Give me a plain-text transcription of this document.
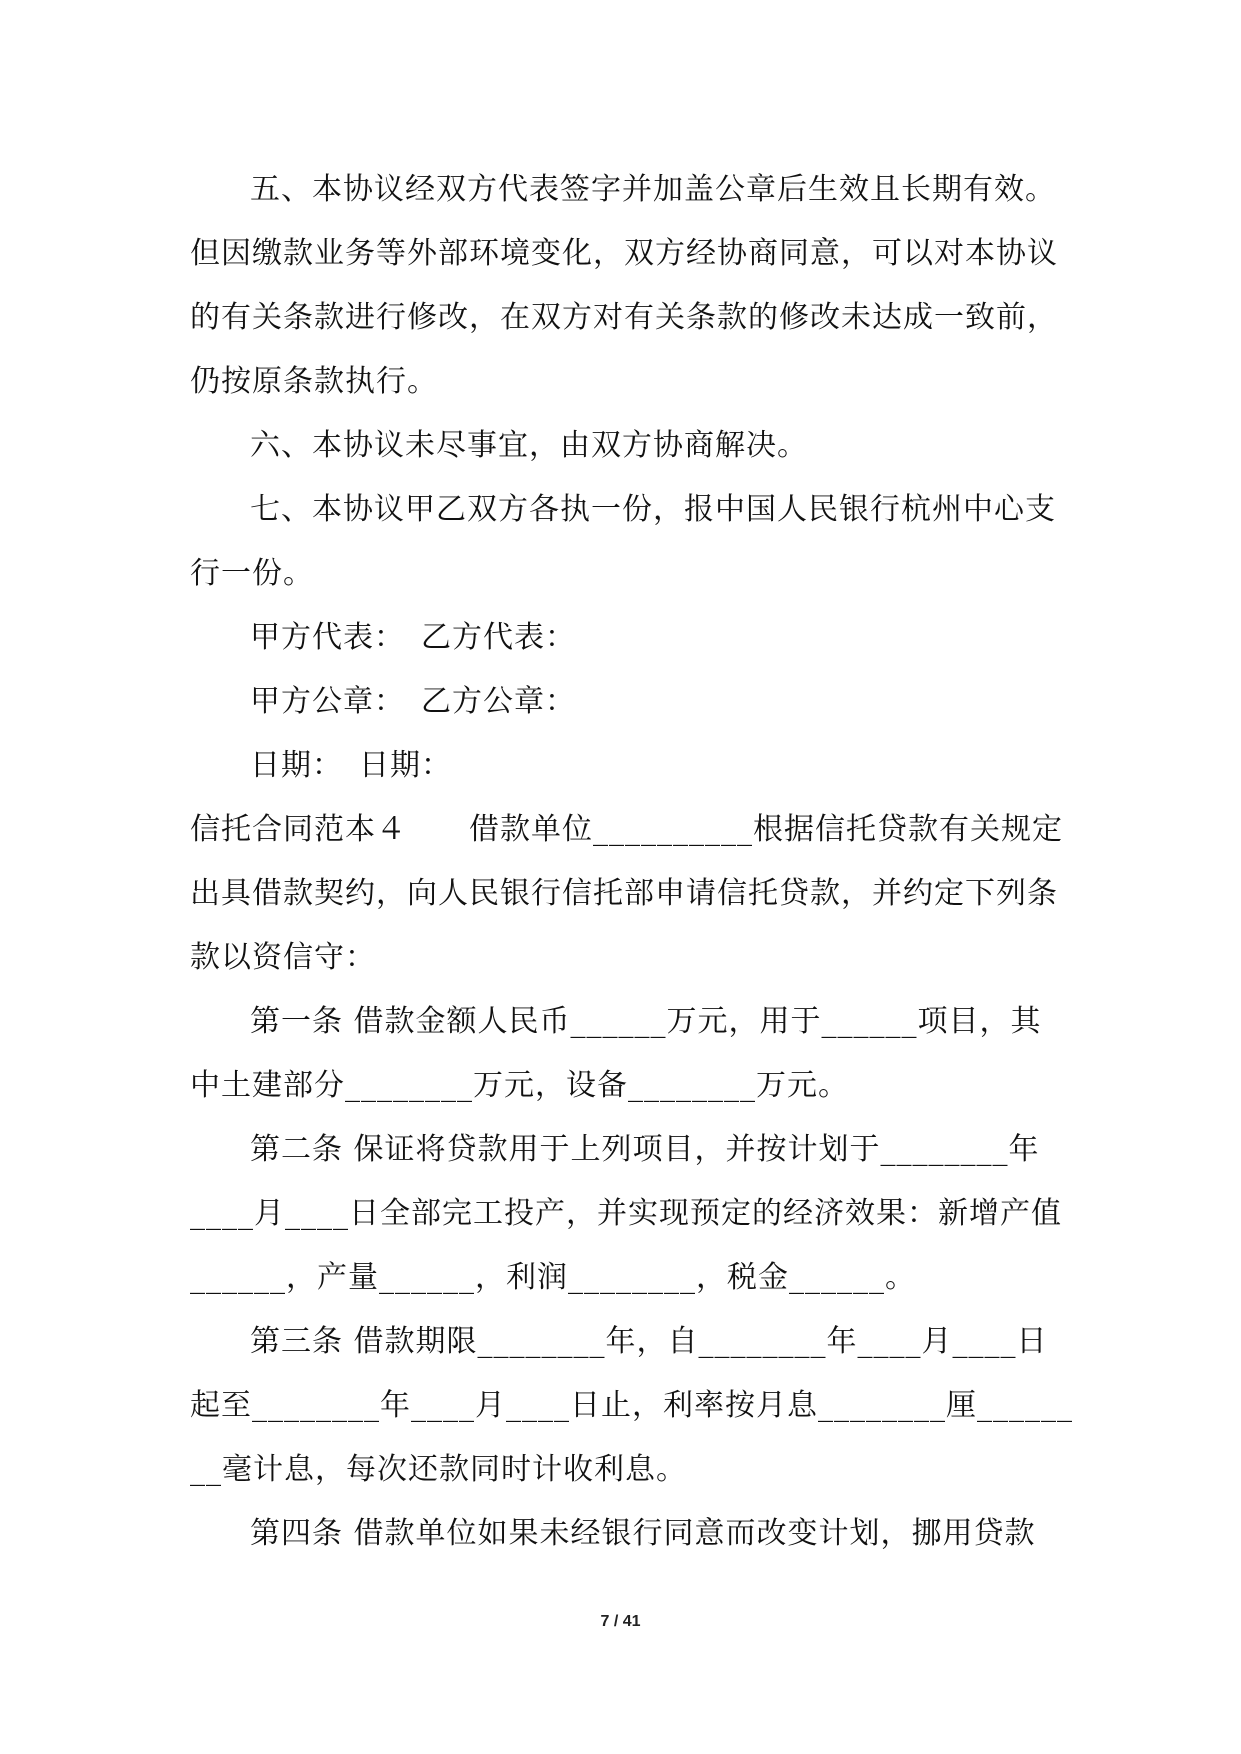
五、本协议经双方代表签字并加盖公章后生效且长期有效。
但因缴款业务等外部环境变化，双方经协商同意，可以对本协议
的有关条款进行修改，在双方对有关条款的修改未达成一致前，
仍按原条款执行。
六、本协议未尽事宜，由双方协商解决。
七、本协议甲乙双方各执一份，报中国人民银行杭州中心支
行一份。
甲方代表：　乙方代表：
甲方公章：　乙方公章：
日期：　日期：
信托合同范本４　　借款单位__________根据信托贷款有关规定
出具借款契约，向人民银行信托部申请信托贷款，并约定下列条
款以资信守：
第一条 借款金额人民币______万元，用于______项目，其
中土建部分________万元，设备________万元。
第二条 保证将贷款用于上列项目，并按计划于________年
____月____日全部完工投产，并实现预定的经济效果：新增产值
______，产量______，利润________，税金______。
第三条 借款期限________年，自________年____月____日
起至________年____月____日止，利率按月息________厘______
__毫计息，每次还款同时计收利息。
第四条 借款单位如果未经银行同意而改变计划，挪用贷款
7 / 41
